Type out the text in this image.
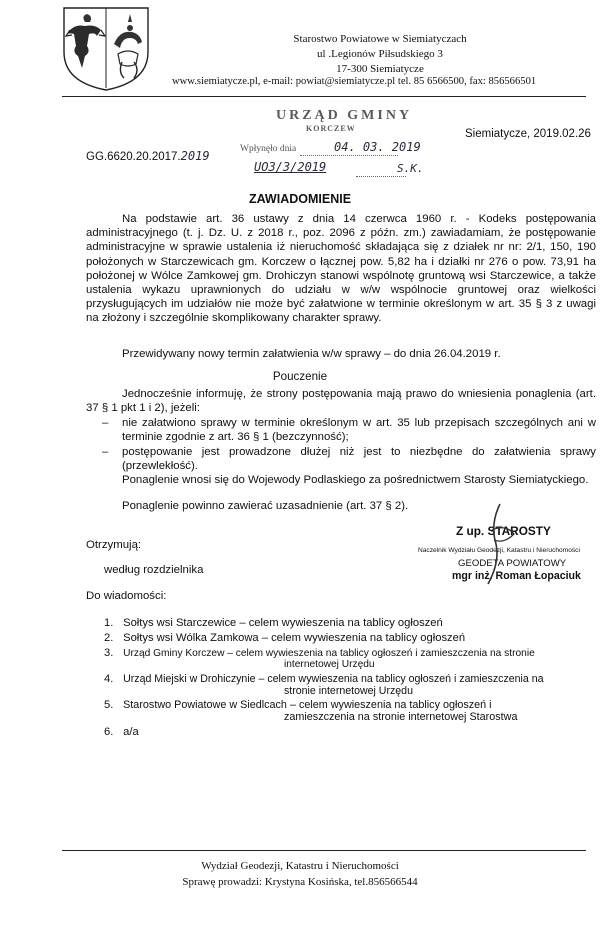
Starostwo Powiatowe w Siemiatyczach
ul .Legionów Piłsudskiego 3
17-300 Siemiatycze
www.siemiatycze.pl, e-mail: powiat@siemiatycze.pl tel. 85 6566500, fax: 856566501
URZĄD GMINY
KORCZEW
Wpłynęło dnia	04. 03. 2019
UO3/3/2019	S.K.
GG.6620.20.2017.2019
Siemiatycze, 2019.02.26
ZAWIADOMIENIE
Na podstawie art. 36 ustawy z dnia 14 czerwca 1960 r. - Kodeks postępowania administracyjnego (t. j. Dz. U. z 2018 r., poz. 2096 z późn. zm.) zawiadamiam, że postępowanie administracyjne w sprawie ustalenia iż nieruchomość składająca się z działek nr nr: 2/1, 150, 190 położonych w Starczewicach gm. Korczew o łącznej pow. 5,82 ha i działki nr 276 o pow. 73,91 ha położonej w Wólce Zamkowej gm. Drohiczyn stanowi wspólnotę gruntową wsi Starczewice, a także ustalenia wykazu uprawnionych do udziału w w/w wspólnocie gruntowej oraz wielkości przysługujących im udziałów nie może być załatwione w terminie określonym w art. 35 § 3 z uwagi na złożony i szczególnie skomplikowany charakter sprawy.
Przewidywany nowy termin załatwienia w/w sprawy – do dnia 26.04.2019 r.
Pouczenie
Jednocześnie informuję, że strony postępowania mają prawo do wniesienia ponaglenia (art. 37 § 1 pkt 1 i 2), jeżeli:
– nie załatwiono sprawy w terminie określonym w art. 35 lub przepisach szczególnych ani w terminie zgodnie z art. 36 § 1 (bezczynność);
– postępowanie jest prowadzone dłużej niż jest to niezbędne do załatwienia sprawy (przewlekłość).
Ponaglenie wnosi się do Wojewody Podlaskiego za pośrednictwem Starosty Siemiatyckiego.
Ponaglenie powinno zawierać uzasadnienie (art. 37 § 2).
Z up. STAROSTY
Naczelnik Wydziału Geodezji, Katastru i Nieruchomości
GEODETA POWIATOWY
mgr inż. Roman Łopaciuk
Otrzymują:
według rozdzielnika
Do wiadomości:
1. Sołtys wsi Starczewice – celem wywieszenia na tablicy ogłoszeń
2. Sołtys wsi Wólka Zamkowa – celem wywieszenia na tablicy ogłoszeń
3. Urząd Gminy Korczew – celem wywieszenia na tablicy ogłoszeń i zamieszczenia na stronie
internetowej Urzędu
4. Urząd Miejski w Drohiczynie – celem wywieszenia na tablicy ogłoszeń i zamieszczenia na
stronie internetowej Urzędu
5. Starostwo Powiatowe w Siedlcach – celem wywieszenia na tablicy ogłoszeń i
zamieszczenia na stronie internetowej Starostwa
6. a/a
Wydział Geodezji, Katastru i Nieruchomości
Sprawę prowadzi: Krystyna Kosińska, tel.856566544
